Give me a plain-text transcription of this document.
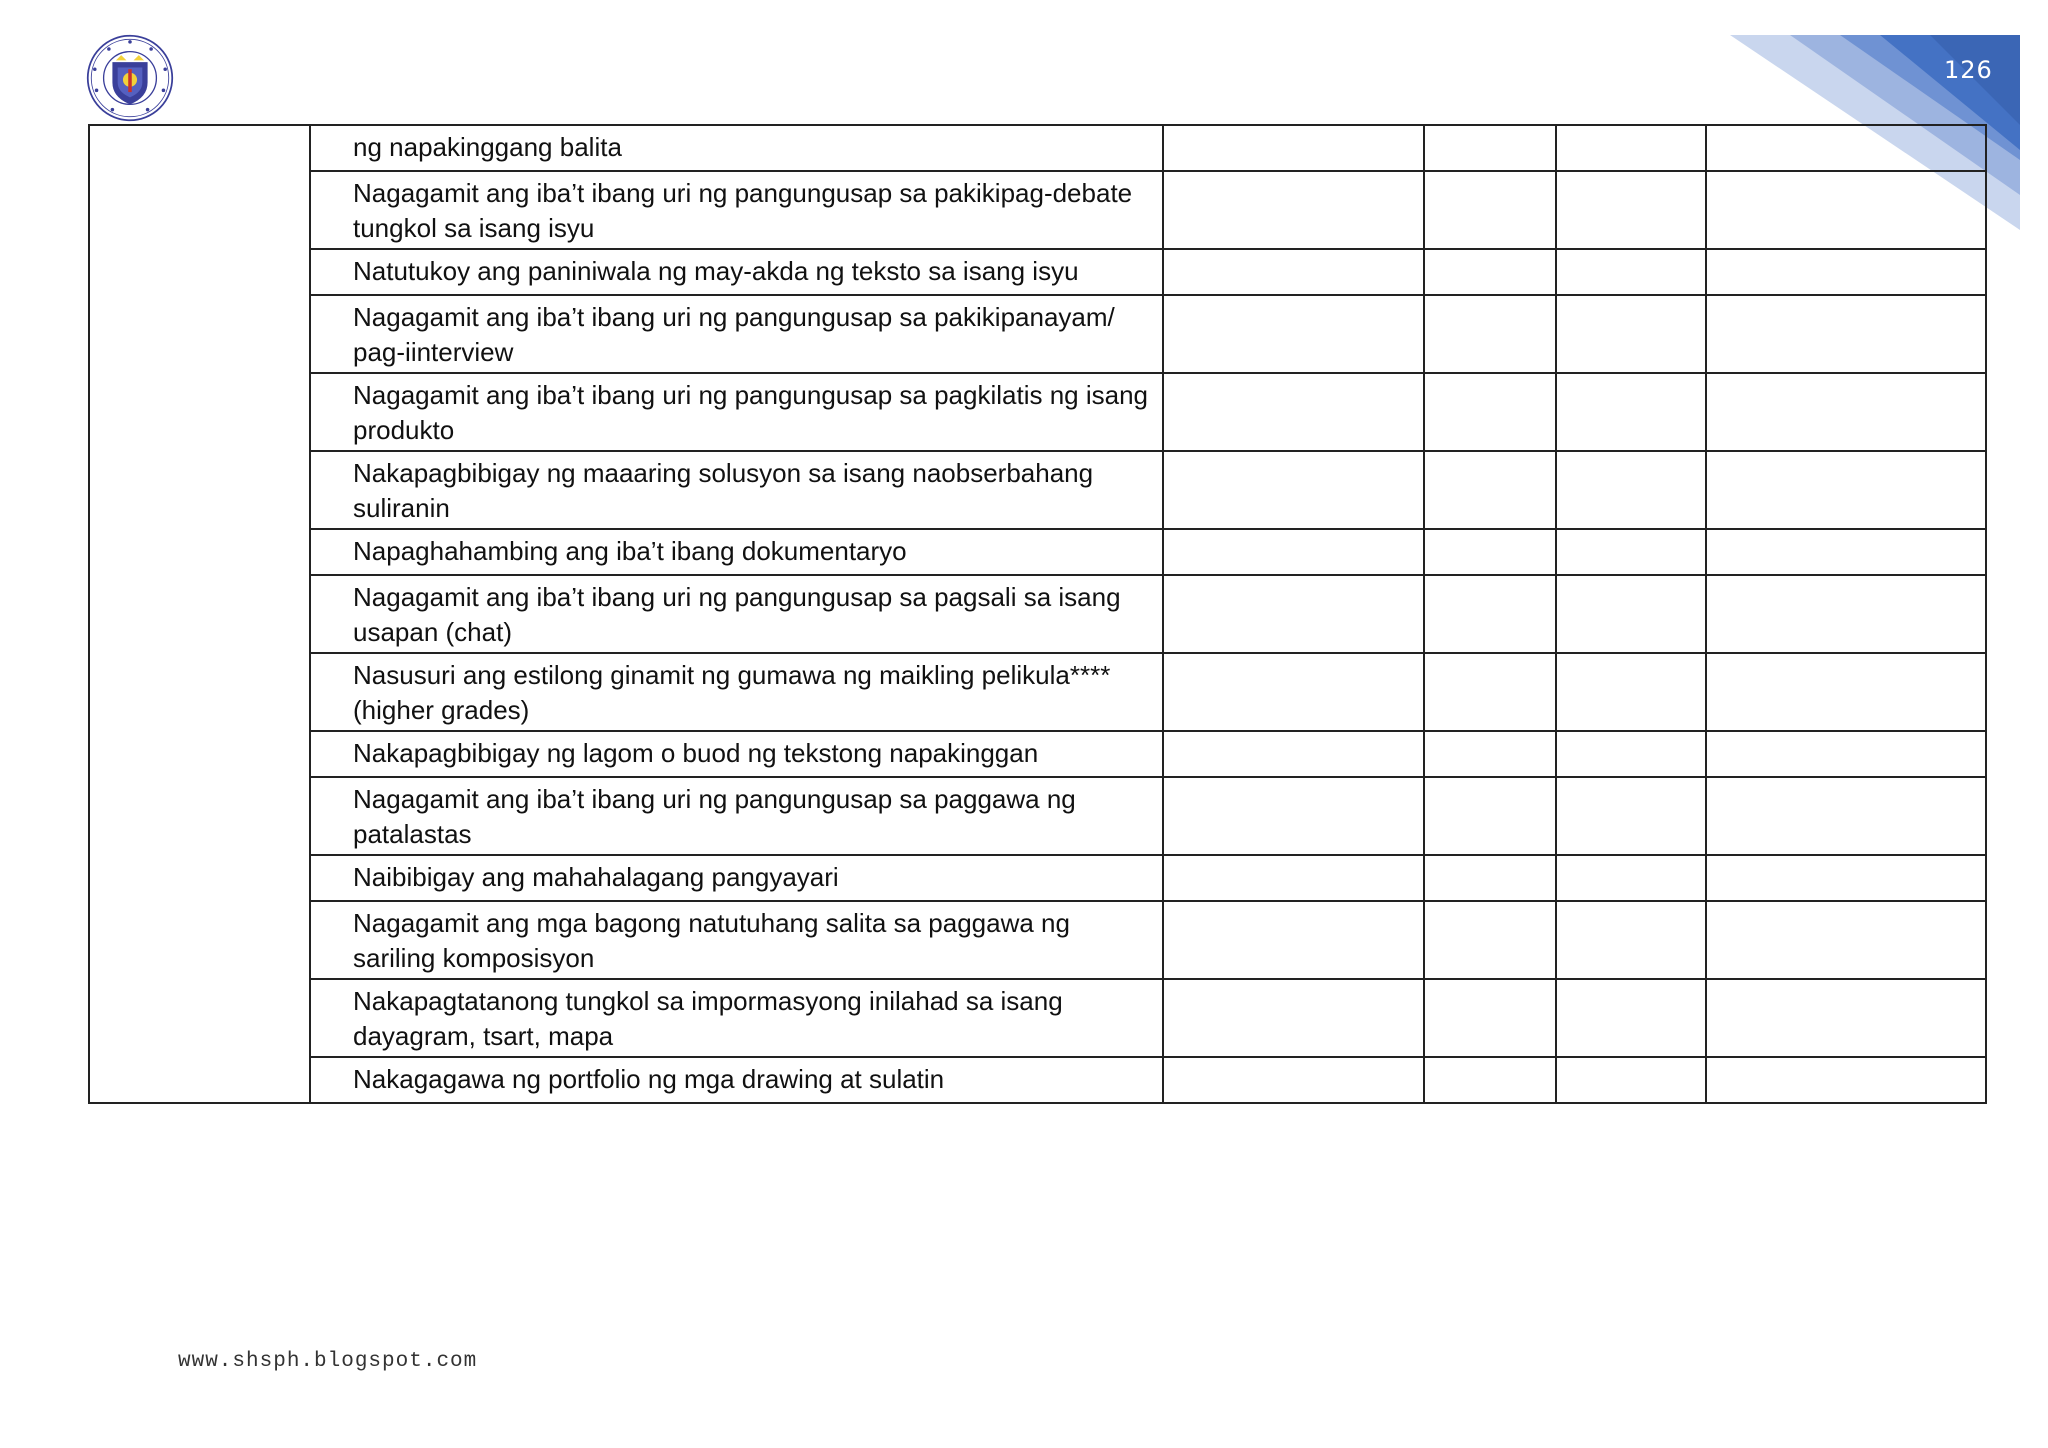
126
	ng napakinggang balita				
	Nagagamit ang iba’t ibang uri ng pangungusap sa pakikipag-debate tungkol sa isang isyu				
	Natutukoy ang paniniwala ng may-akda ng teksto sa isang isyu				
	Nagagamit ang iba’t ibang uri ng pangungusap sa pakikipanayam/ pag-iinterview				
	Nagagamit ang iba’t ibang uri ng pangungusap sa pagkilatis ng isang produkto				
	Nakapagbibigay ng maaaring solusyon sa isang naobserbahang suliranin				
	Napaghahambing ang iba’t ibang dokumentaryo				
	Nagagamit ang iba’t ibang uri ng pangungusap sa pagsali sa isang usapan (chat)				
	Nasusuri ang estilong ginamit ng gumawa ng maikling pelikula**** (higher grades)				
	Nakapagbibigay ng lagom o buod ng tekstong napakinggan				
	Nagagamit ang iba’t ibang uri ng pangungusap sa paggawa ng patalastas				
	Naibibigay ang mahahalagang pangyayari				
	Nagagamit ang mga bagong natutuhang salita sa paggawa ng sariling komposisyon				
	Nakapagtatanong tungkol sa impormasyong inilahad sa isang dayagram, tsart, mapa				
	Nakagagawa ng portfolio ng mga drawing at sulatin				
www.shsph.blogspot.com
